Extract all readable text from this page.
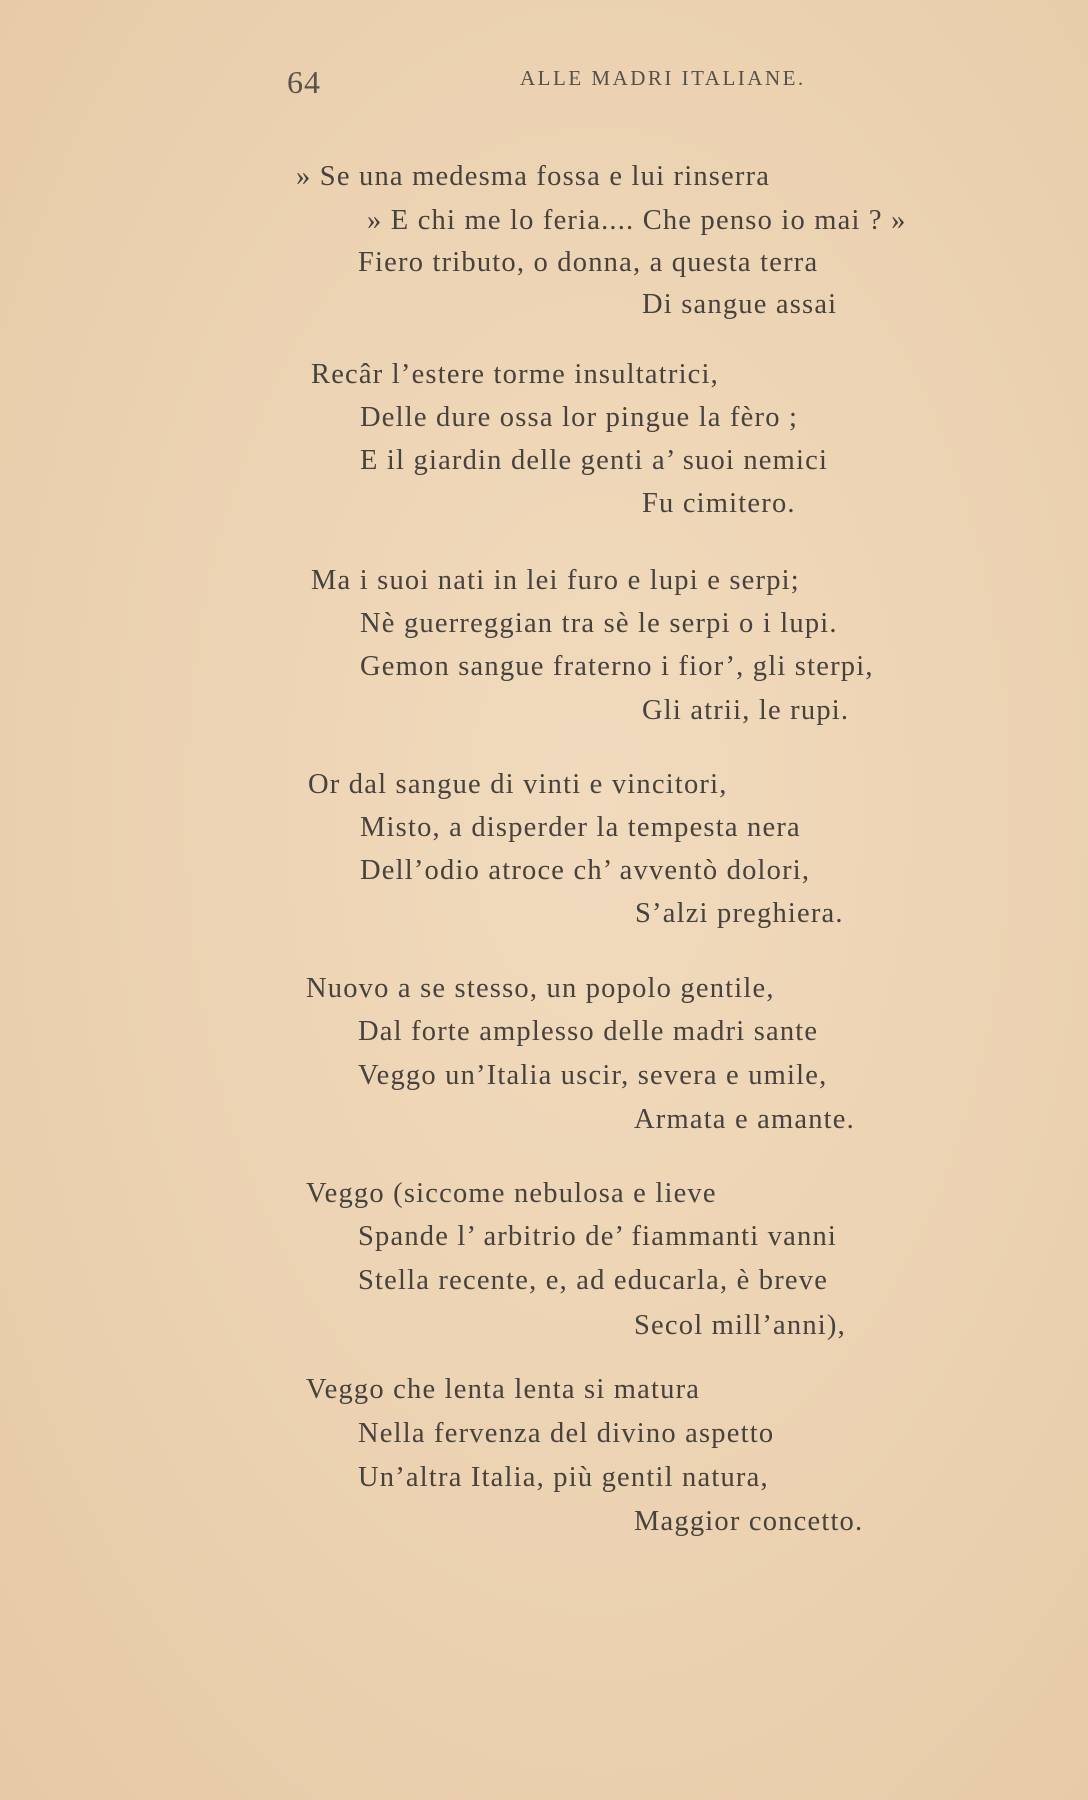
64	ALLE MADRI ITALIANE.
» Se una medesma fossa e lui rinserra
» E chi me lo feria.... Che penso io mai ? »
Fiero tributo, o donna, a questa terra
Di sangue assai
Recâr l’estere torme insultatrici,
Delle dure ossa lor pingue la fèro ;
E il giardin delle genti a’ suoi nemici
Fu cimitero.
Ma i suoi nati in lei furo e lupi e serpi;
Nè guerreggian tra sè le serpi o i lupi.
Gemon sangue fraterno i fior’, gli sterpi,
Gli atrii, le rupi.
Or dal sangue di vinti e vincitori,
Misto, a disperder la tempesta nera
Dell’odio atroce ch’ avventò dolori,
S’alzi preghiera.
Nuovo a se stesso, un popolo gentile,
Dal forte amplesso delle madri sante
Veggo un’Italia uscir, severa e umile,
Armata e amante.
Veggo (siccome nebulosa e lieve
Spande l’ arbitrio de’ fiammanti vanni
Stella recente, e, ad educarla, è breve
Secol mill’anni),
Veggo che lenta lenta si matura
Nella fervenza del divino aspetto
Un’altra Italia, più gentil natura,
Maggior concetto.
